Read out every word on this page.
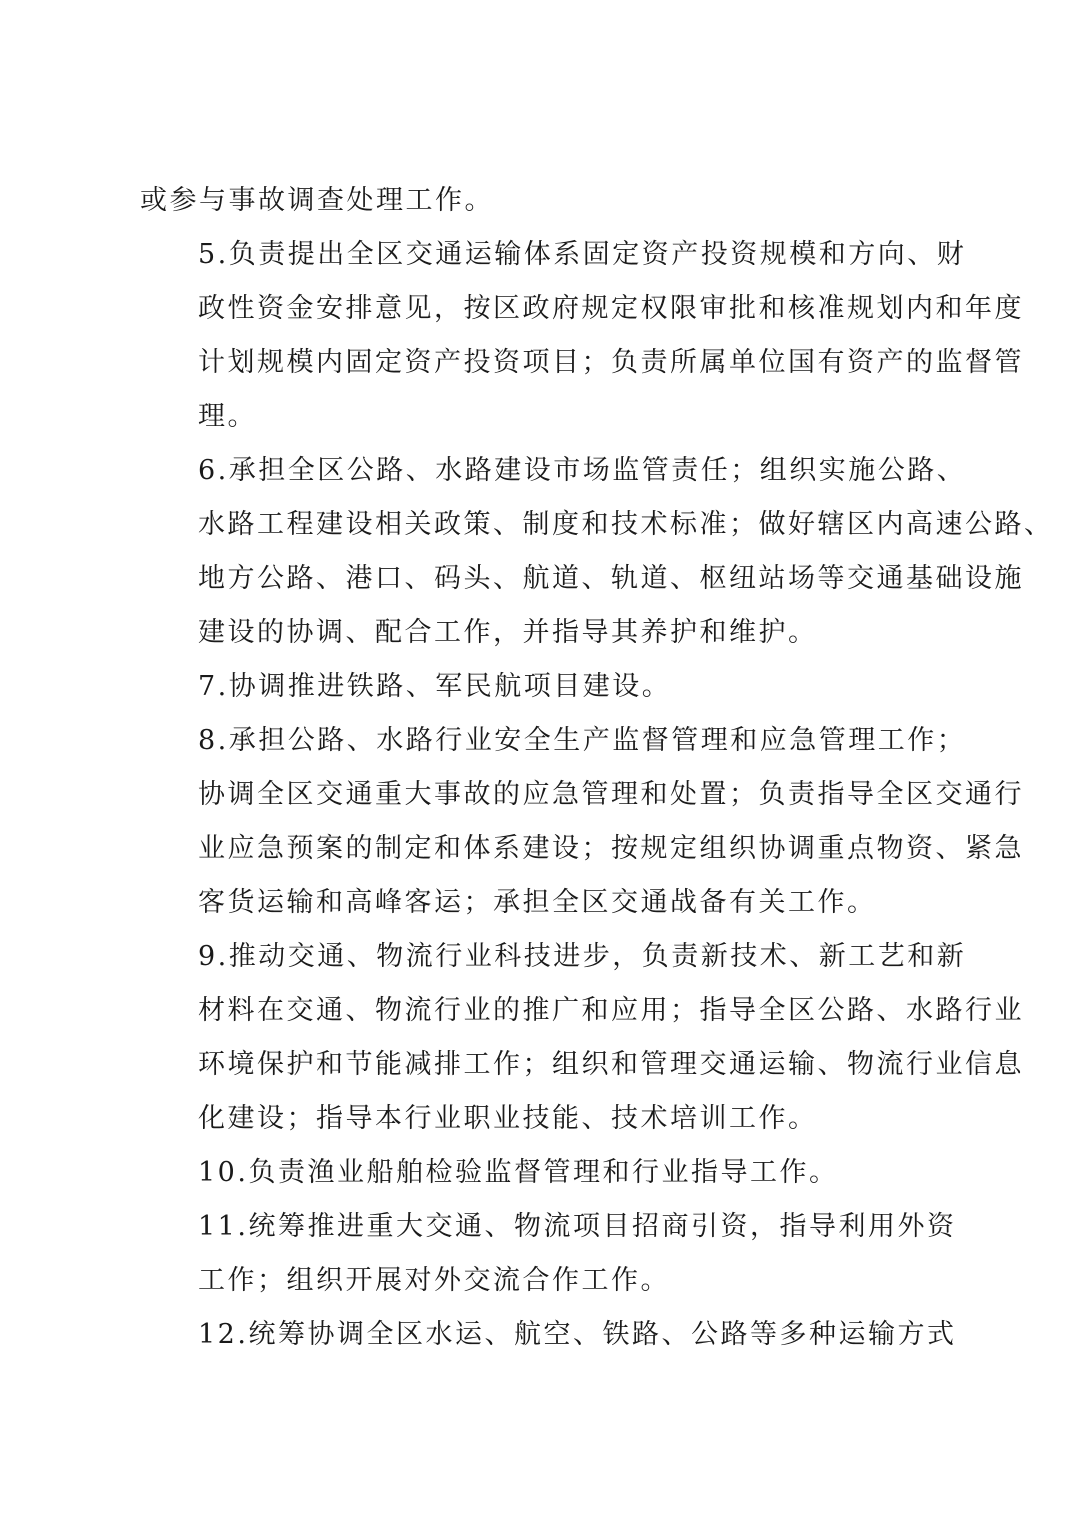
或参与事故调查处理工作。

5.负责提出全区交通运输体系固定资产投资规模和方向、财
政性资金安排意见，按区政府规定权限审批和核准规划内和年度
计划规模内固定资产投资项目；负责所属单位国有资产的监督管
理。

6.承担全区公路、水路建设市场监管责任；组织实施公路、
水路工程建设相关政策、制度和技术标准；做好辖区内高速公路、
地方公路、港口、码头、航道、轨道、枢纽站场等交通基础设施
建设的协调、配合工作，并指导其养护和维护。

7.协调推进铁路、军民航项目建设。

8.承担公路、水路行业安全生产监督管理和应急管理工作；
协调全区交通重大事故的应急管理和处置；负责指导全区交通行
业应急预案的制定和体系建设；按规定组织协调重点物资、紧急
客货运输和高峰客运；承担全区交通战备有关工作。

9.推动交通、物流行业科技进步，负责新技术、新工艺和新
材料在交通、物流行业的推广和应用；指导全区公路、水路行业
环境保护和节能减排工作；组织和管理交通运输、物流行业信息
化建设；指导本行业职业技能、技术培训工作。

10.负责渔业船舶检验监督管理和行业指导工作。

11.统筹推进重大交通、物流项目招商引资，指导利用外资
工作；组织开展对外交流合作工作。

12.统筹协调全区水运、航空、铁路、公路等多种运输方式
